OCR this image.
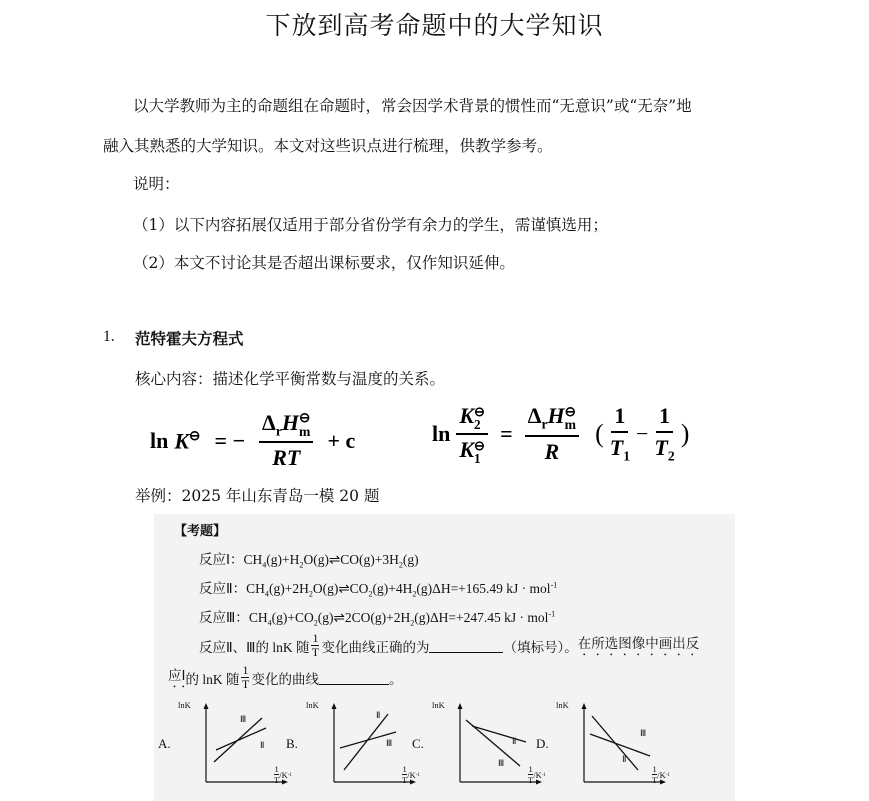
下放到高考命题中的大学知识
以大学教师为主的命题组在命题时，常会因学术背景的惯性而“无意识”或“无奈”地
融入其熟悉的大学知识。本文对这些识点进行梳理，供教学参考。
说明：
（1）以下内容拓展仅适用于部分省份学有余力的学生，需谨慎选用；
（2）本文不讨论其是否超出课标要求，仅作知识延伸。
1. 范特霍夫方程式
核心内容：描述化学平衡常数与温度的关系。
ln K⊖ = − $\Delta_rH$ ⊖
m
RT + c	ln K ⊖
2
K ⊖
$1 = \Delta_rH$ ⊖
m
R ( $\frac{1}{T_1} - \frac{1}{T_2}$ )
举例：2025 年山东青岛一模 20 题
【考题】
反应Ⅰ：$CH_4(g)+H_2O(g)\rightleftharpoons CO(g)+3H_2(g)$
反应Ⅱ：$CH_4(g)+2H_2O(g)\rightleftharpoons CO_2(g)+4H_2(g)\Delta H=+165.49$ kJ · mol$^{-1}$
反应Ⅲ：$CH_4(g)+CO_2(g)\rightleftharpoons 2CO(g)+2H_2(g)\Delta H=+247.45$ kJ · mol$^{-1}$
反应Ⅱ、Ⅲ的 lnK 随 $\frac{1}{T}$ 变化曲线正确的为	（填标号）。 在所选图像中画出反
应Ⅰ 的 lnK 随 $\frac{1}{T}$ 变化的曲线	。
A.
Ⅲ
Ⅱ
lnK
$\frac{1}{T} /K$ -1
B.
Ⅱ
Ⅲ
lnK
$\frac{1}{T} /K$ -1
C.	Ⅱ
Ⅲ
lnK
$\frac{1}{T} /K$ -1
D.
Ⅲ
Ⅱ
lnK
$\frac{1}{T} /K$ -1
